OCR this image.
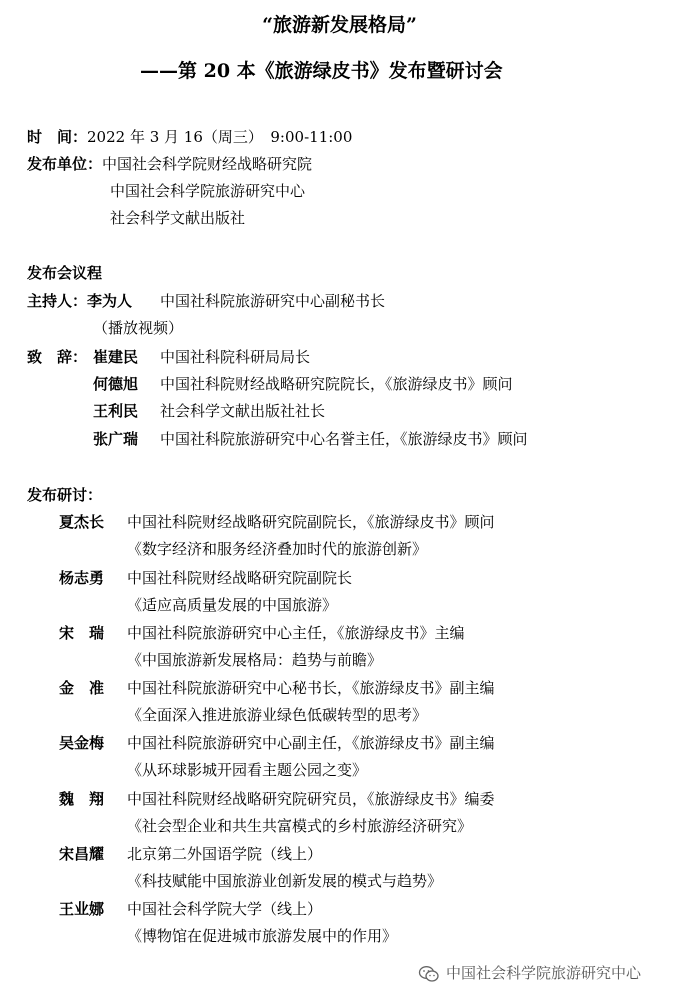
“旅游新发展格局”
——第 20 本《旅游绿皮书》发布暨研讨会
时　间：2022 年 3 月 16（周三）　9:00-11:00
发布单位：中国社会科学院财经战略研究院
中国社会科学院旅游研究中心
社会科学文献出版社
发布会议程
主持人：李为人 中国社科院旅游研究中心副秘书长
（播放视频）
致　辞： 崔建民 中国社科院科研局局长
何德旭 中国社科院财经战略研究院院长，《旅游绿皮书》顾问
王利民 社会科学文献出版社社长
张广瑞 中国社科院旅游研究中心名誉主任，《旅游绿皮书》顾问
发布研讨：
夏杰长 中国社科院财经战略研究院副院长，《旅游绿皮书》顾问
《数字经济和服务经济叠加时代的旅游创新》
杨志勇 中国社科院财经战略研究院副院长
《适应高质量发展的中国旅游》
宋　瑞 中国社科院旅游研究中心主任，《旅游绿皮书》主编
《中国旅游新发展格局：趋势与前瞻》
金　准 中国社科院旅游研究中心秘书长，《旅游绿皮书》副主编
《全面深入推进旅游业绿色低碳转型的思考》
吴金梅 中国社科院旅游研究中心副主任，《旅游绿皮书》副主编
《从环球影城开园看主题公园之变》
魏　翔 中国社科院财经战略研究院研究员，《旅游绿皮书》编委
《社会型企业和共生共富模式的乡村旅游经济研究》
宋昌耀 北京第二外国语学院（线上）
《科技赋能中国旅游业创新发展的模式与趋势》
王业娜 中国社会科学院大学（线上）
《博物馆在促进城市旅游发展中的作用》
中国社会科学院旅游研究中心
